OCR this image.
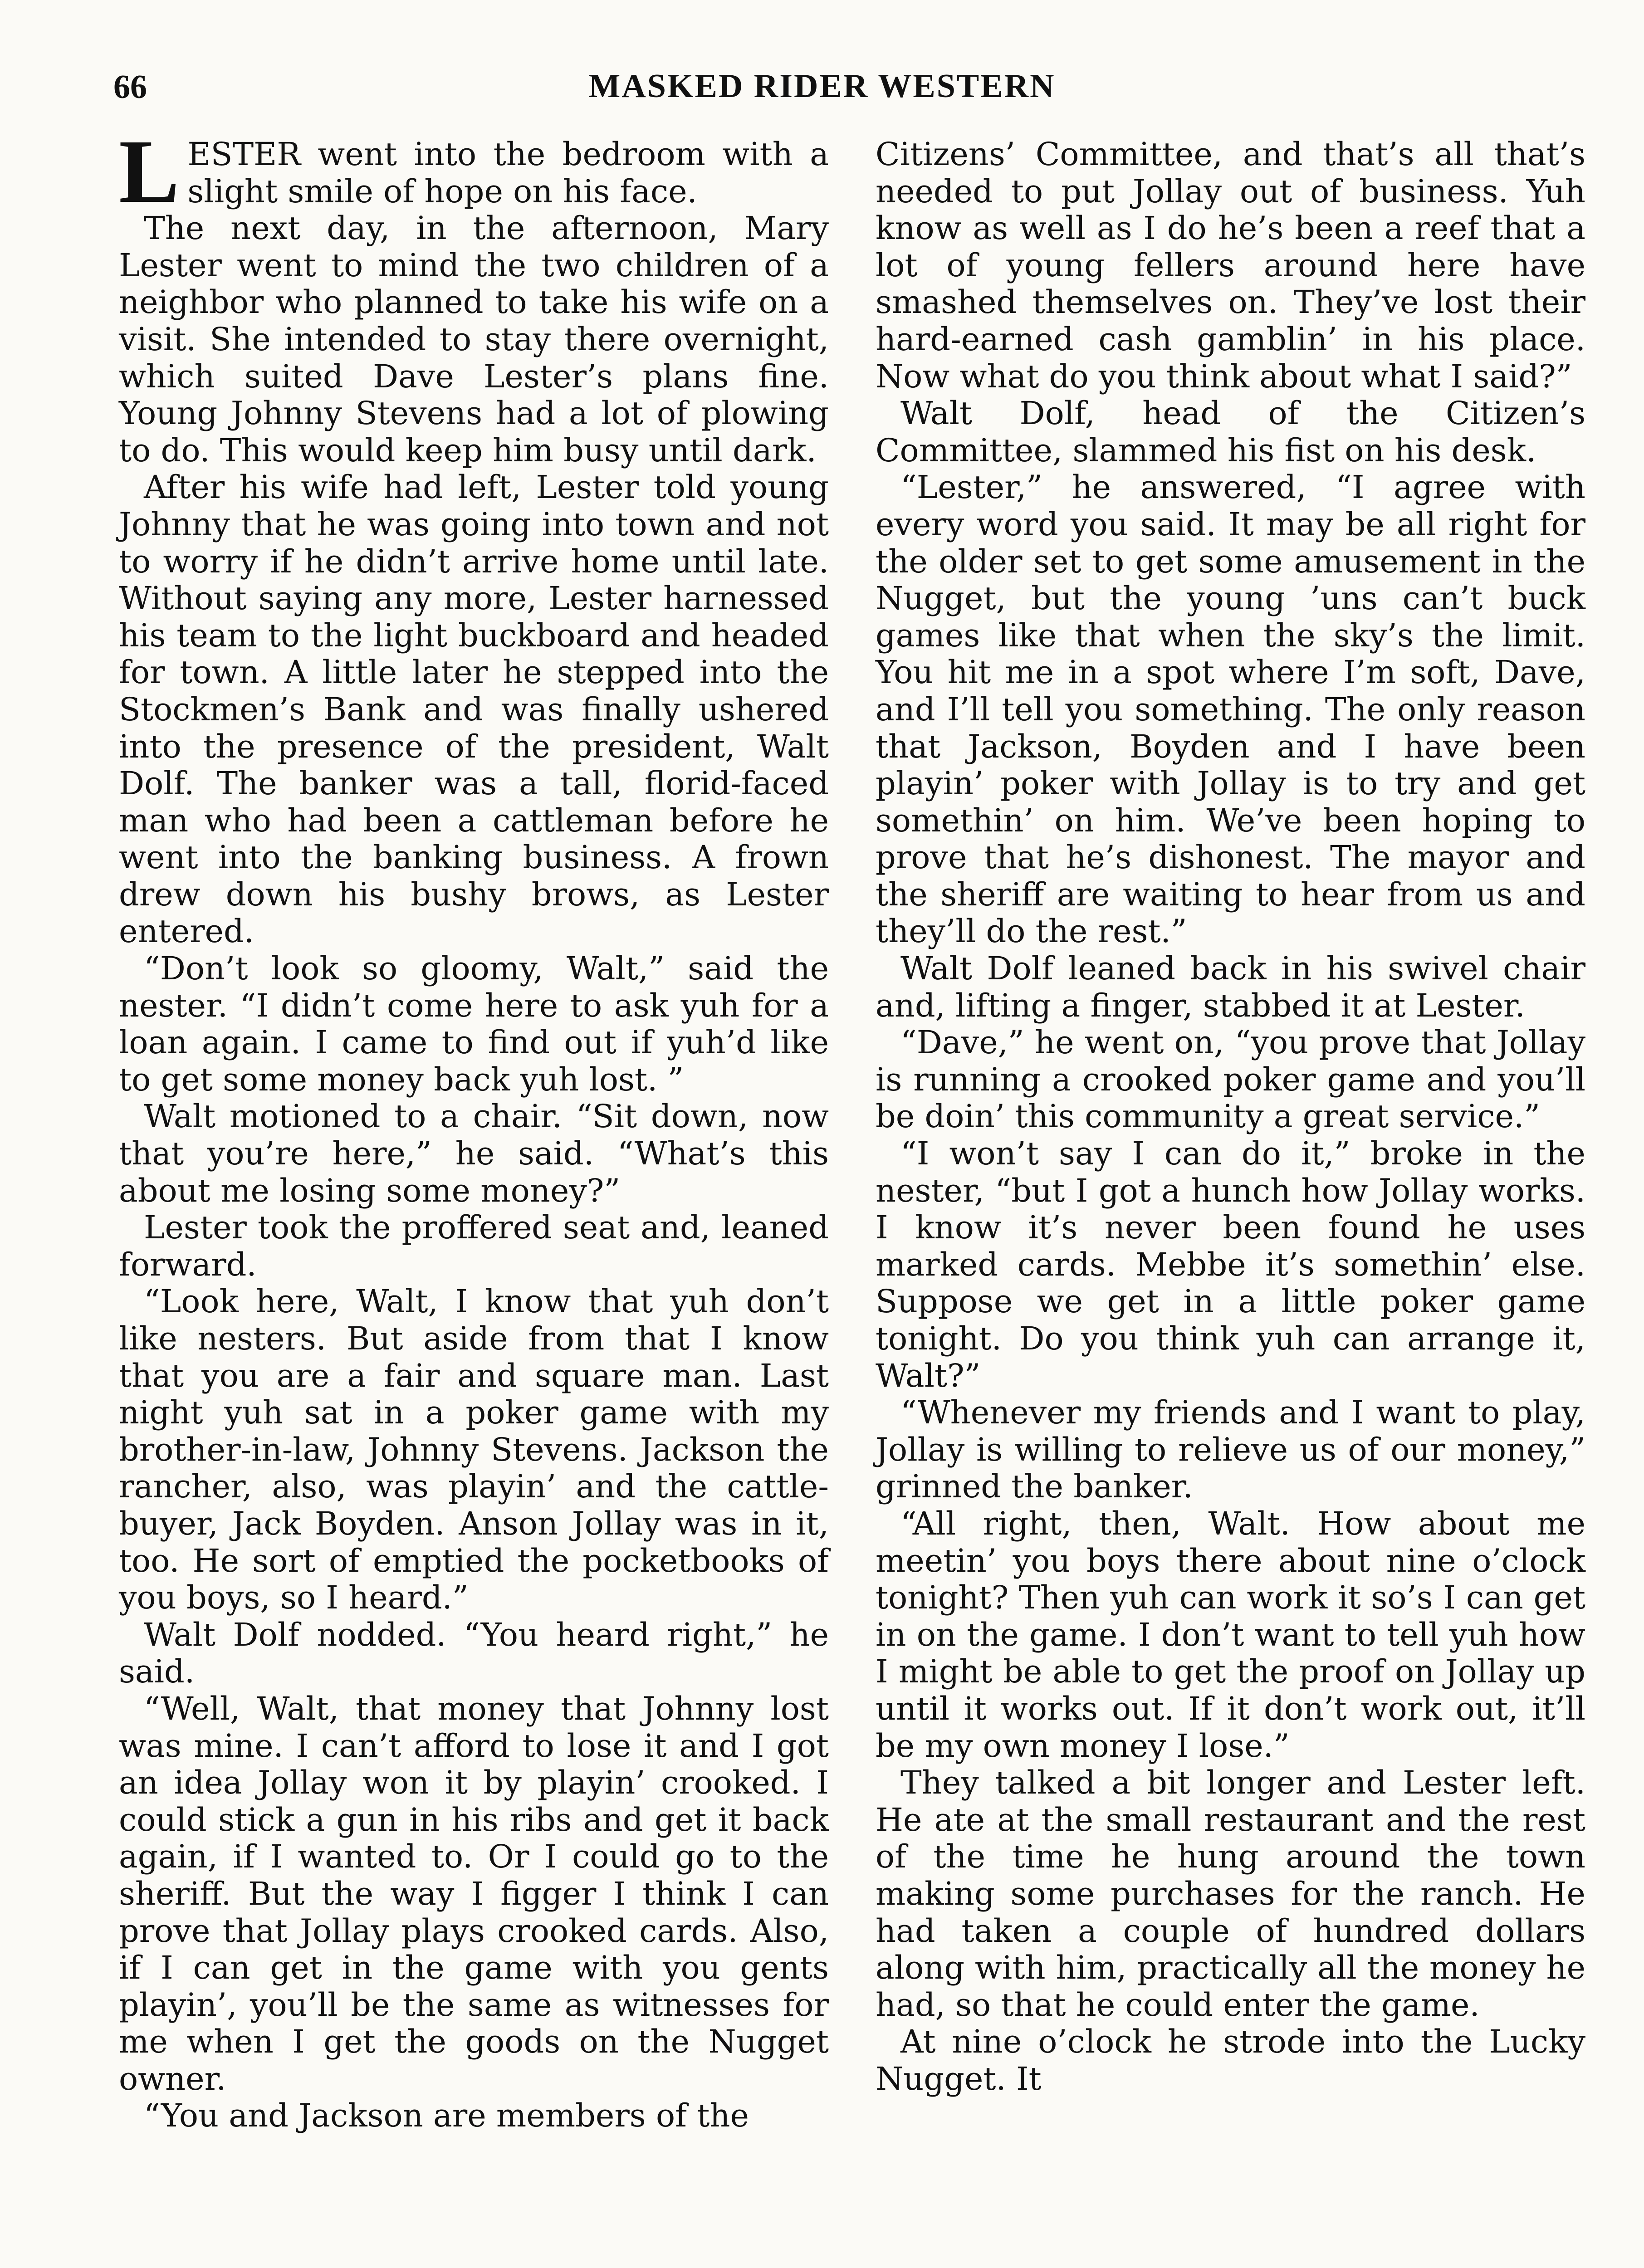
66	MASKED RIDER WESTERN

LESTER went into the bedroom with a slight smile of hope on his face.

The next day, in the afternoon, Mary Lester went to mind the two children of a neighbor who planned to take his wife on a visit. She intended to stay there overnight, which suited Dave Lester’s plans fine. Young Johnny Stevens had a lot of plowing to do. This would keep him busy until dark.

After his wife had left, Lester told young Johnny that he was going into town and not to worry if he didn’t arrive home until late. Without saying any more, Lester harnessed his team to the light buckboard and headed for town. A little later he stepped into the Stockmen’s Bank and was finally ushered into the presence of the president, Walt Dolf. The banker was a tall, florid-faced man who had been a cattleman before he went into the banking business. A frown drew down his bushy brows, as Lester entered.

“Don’t look so gloomy, Walt,” said the nester. “I didn’t come here to ask yuh for a loan again. I came to find out if yuh’d like to get some money back yuh lost. ”

Walt motioned to a chair. “Sit down, now that you’re here,” he said. “What’s this about me losing some money?”

Lester took the proffered seat and, leaned forward.

“Look here, Walt, I know that yuh don’t like nesters. But aside from that I know that you are a fair and square man. Last night yuh sat in a poker game with my brother-in-law, Johnny Stevens. Jackson the rancher, also, was playin’ and the cattle-buyer, Jack Boyden. Anson Jollay was in it, too. He sort of emptied the pocketbooks of you boys, so I heard.”

Walt Dolf nodded. “You heard right,” he said.

“Well, Walt, that money that Johnny lost was mine. I can’t afford to lose it and I got an idea Jollay won it by playin’ crooked. I could stick a gun in his ribs and get it back again, if I wanted to. Or I could go to the sheriff. But the way I figger I think I can prove that Jollay plays crooked cards. Also, if I can get in the game with you gents playin’, you’ll be the same as witnesses for me when I get the goods on the Nugget owner.

“You and Jackson are members of the

Citizens’ Committee, and that’s all that’s needed to put Jollay out of business. Yuh know as well as I do he’s been a reef that a lot of young fellers around here have smashed themselves on. They’ve lost their hard-earned cash gamblin’ in his place. Now what do you think about what I said?”

Walt Dolf, head of the Citizen’s Committee, slammed his fist on his desk.

“Lester,” he answered, “I agree with every word you said. It may be all right for the older set to get some amusement in the Nugget, but the young ’uns can’t buck games like that when the sky’s the limit. You hit me in a spot where I’m soft, Dave, and I’ll tell you something. The only reason that Jackson, Boyden and I have been playin’ poker with Jollay is to try and get somethin’ on him. We’ve been hoping to prove that he’s dishonest. The mayor and the sheriff are waiting to hear from us and they’ll do the rest.”

Walt Dolf leaned back in his swivel chair and, lifting a finger, stabbed it at Lester.

“Dave,” he went on, “you prove that Jollay is running a crooked poker game and you’ll be doin’ this community a great service.”

“I won’t say I can do it,” broke in the nester, “but I got a hunch how Jollay works. I know it’s never been found he uses marked cards. Mebbe it’s somethin’ else. Suppose we get in a little poker game tonight. Do you think yuh can arrange it, Walt?”

“Whenever my friends and I want to play, Jollay is willing to relieve us of our money,” grinned the banker.

“All right, then, Walt. How about me meetin’ you boys there about nine o’clock tonight? Then yuh can work it so’s I can get in on the game. I don’t want to tell yuh how I might be able to get the proof on Jollay up until it works out. If it don’t work out, it’ll be my own money I lose.”

They talked a bit longer and Lester left. He ate at the small restaurant and the rest of the time he hung around the town making some purchases for the ranch. He had taken a couple of hundred dollars along with him, practically all the money he had, so that he could enter the game.

At nine o’clock he strode into the Lucky Nugget. It
